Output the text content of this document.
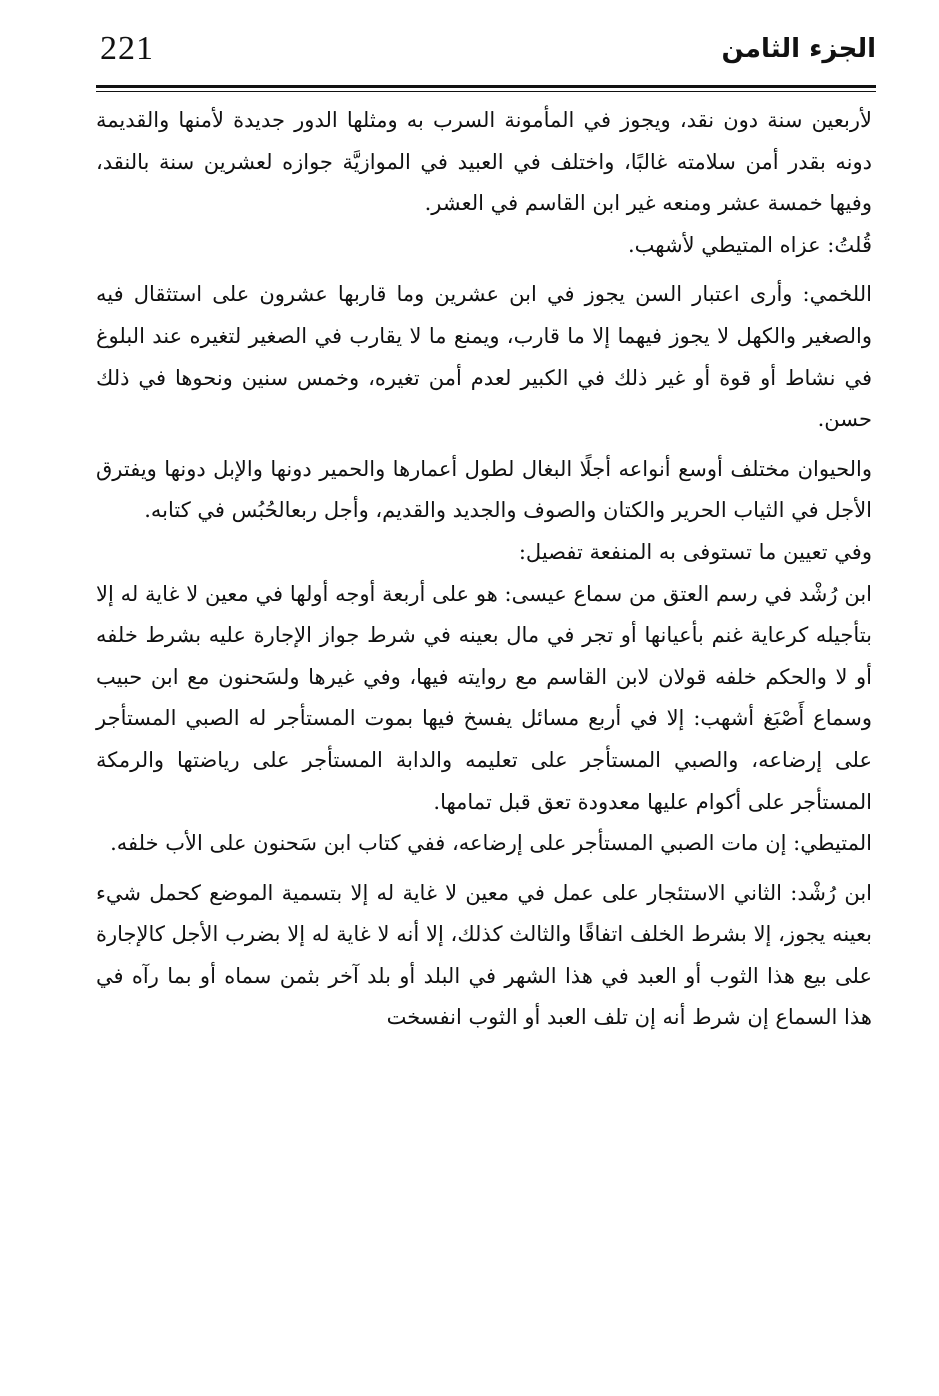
221	الجزء الثامن

لأربعين سنة دون نقد، ويجوز في المأمونة السرب به ومثلها الدور جديدة لأمنها والقديمة دونه بقدر أمن سلامته غالبًا، واختلف في العبيد في الموازيَّة جوازه لعشرين سنة بالنقد، وفيها خمسة عشر ومنعه غير ابن القاسم في العشر.

قُلتُ: عزاه المتيطي لأشهب.

اللخمي: وأرى اعتبار السن يجوز في ابن عشرين وما قاربها عشرون على استثقال فيه والصغير والكهل لا يجوز فيهما إلا ما قارب، ويمنع ما لا يقارب في الصغير لتغيره عند البلوغ في نشاط أو قوة أو غير ذلك في الكبير لعدم أمن تغيره، وخمس سنين ونحوها في ذلك حسن.

والحيوان مختلف أوسع أنواعه أجلًا البغال لطول أعمارها والحمير دونها والإبل دونها ويفترق الأجل في الثياب الحرير والكتان والصوف والجديد والقديم، وأجل ربعالحُبُس في كتابه.

وفي تعيين ما تستوفى به المنفعة تفصيل:

ابن رُشْد في رسم العتق من سماع عيسى: هو على أربعة أوجه أولها في معين لا غاية له إلا بتأجيله كرعاية غنم بأعيانها أو تجر في مال بعينه في شرط جواز الإجارة عليه بشرط خلفه أو لا والحكم خلفه قولان لابن القاسم مع روايته فيها، وفي غيرها ولسَحنون مع ابن حبيب وسماع أَصْبَغ أشهب: إلا في أربع مسائل يفسخ فيها بموت المستأجر له الصبي المستأجر على إرضاعه، والصبي المستأجر على تعليمه والدابة المستأجر على رياضتها والرمكة المستأجر على أكوام عليها معدودة تعق قبل تمامها.

المتيطي: إن مات الصبي المستأجر على إرضاعه، ففي كتاب ابن سَحنون على الأب خلفه.

ابن رُشْد: الثاني الاستئجار على عمل في معين لا غاية له إلا بتسمية الموضع كحمل شيء بعينه يجوز، إلا بشرط الخلف اتفاقًا والثالث كذلك، إلا أنه لا غاية له إلا بضرب الأجل كالإجارة على بيع هذا الثوب أو العبد في هذا الشهر في البلد أو بلد آخر بثمن سماه أو بما رآه في هذا السماع إن شرط أنه إن تلف العبد أو الثوب انفسخت
